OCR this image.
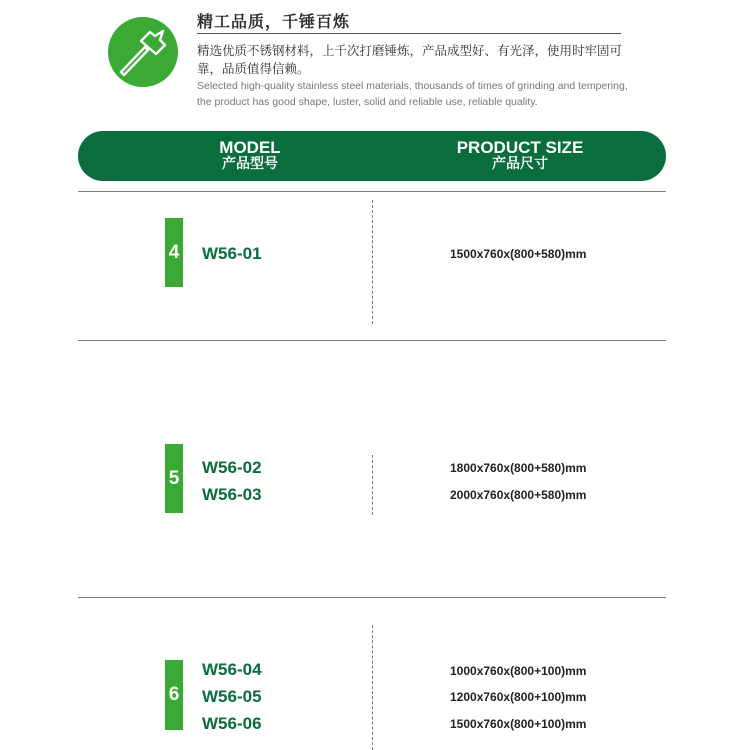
精工品质，千锤百炼
精选优质不锈钢材料，上千次打磨锤炼，产品成型好、有光泽，使用时牢固可靠，品质值得信赖。
Selected high-quality stainless steel materials, thousands of times of grinding and tempering, the product has good shape, luster, solid and reliable use, reliable quality.
MODEL
产品型号
PRODUCT SIZE
产品尺寸
4 W56-01	1500x760x(800+580)mm
5
W56-02
W56-03
1800x760x(800+580)mm
2000x760x(800+580)mm
6
W56-04
W56-05
W56-06
1000x760x(800+100)mm
1200x760x(800+100)mm
1500x760x(800+100)mm
